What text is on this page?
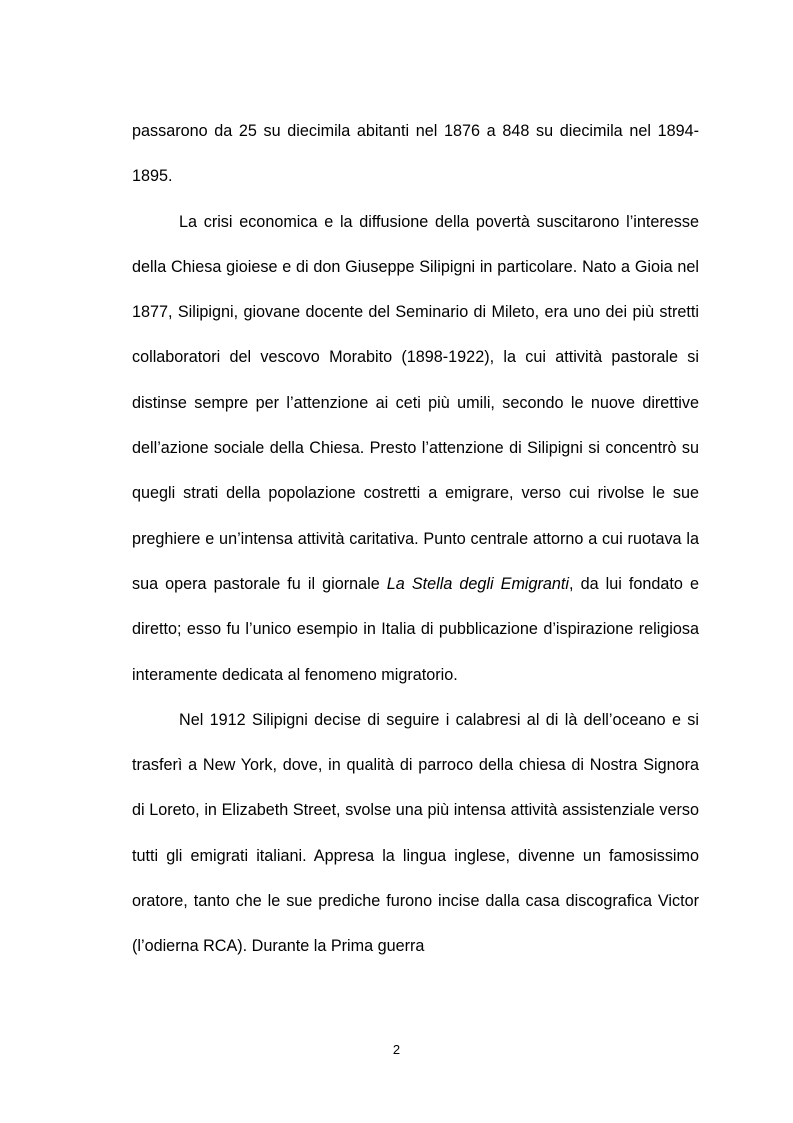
passarono da 25 su diecimila abitanti nel 1876 a 848 su diecimila nel 1894-1895.

La crisi economica e la diffusione della povertà suscitarono l’interesse della Chiesa gioiese e di don Giuseppe Silipigni in particolare. Nato a Gioia nel 1877, Silipigni, giovane docente del Seminario di Mileto, era uno dei più stretti collaboratori del vescovo Morabito (1898-1922), la cui attività pastorale si distinse sempre per l’attenzione ai ceti più umili, secondo le nuove direttive dell’azione sociale della Chiesa. Presto l’attenzione di Silipigni si concentrò su quegli strati della popolazione costretti a emigrare, verso cui rivolse le sue preghiere e un’intensa attività caritativa. Punto centrale attorno a cui ruotava la sua opera pastorale fu il giornale La Stella degli Emigranti, da lui fondato e diretto; esso fu l’unico esempio in Italia di pubblicazione d’ispirazione religiosa interamente dedicata al fenomeno migratorio.

Nel 1912 Silipigni decise di seguire i calabresi al di là dell’oceano e si trasferì a New York, dove, in qualità di parroco della chiesa di Nostra Signora di Loreto, in Elizabeth Street, svolse una più intensa attività assistenziale verso tutti gli emigrati italiani. Appresa la lingua inglese, divenne un famosissimo oratore, tanto che le sue prediche furono incise dalla casa discografica Victor (l’odierna RCA). Durante la Prima guerra

2
